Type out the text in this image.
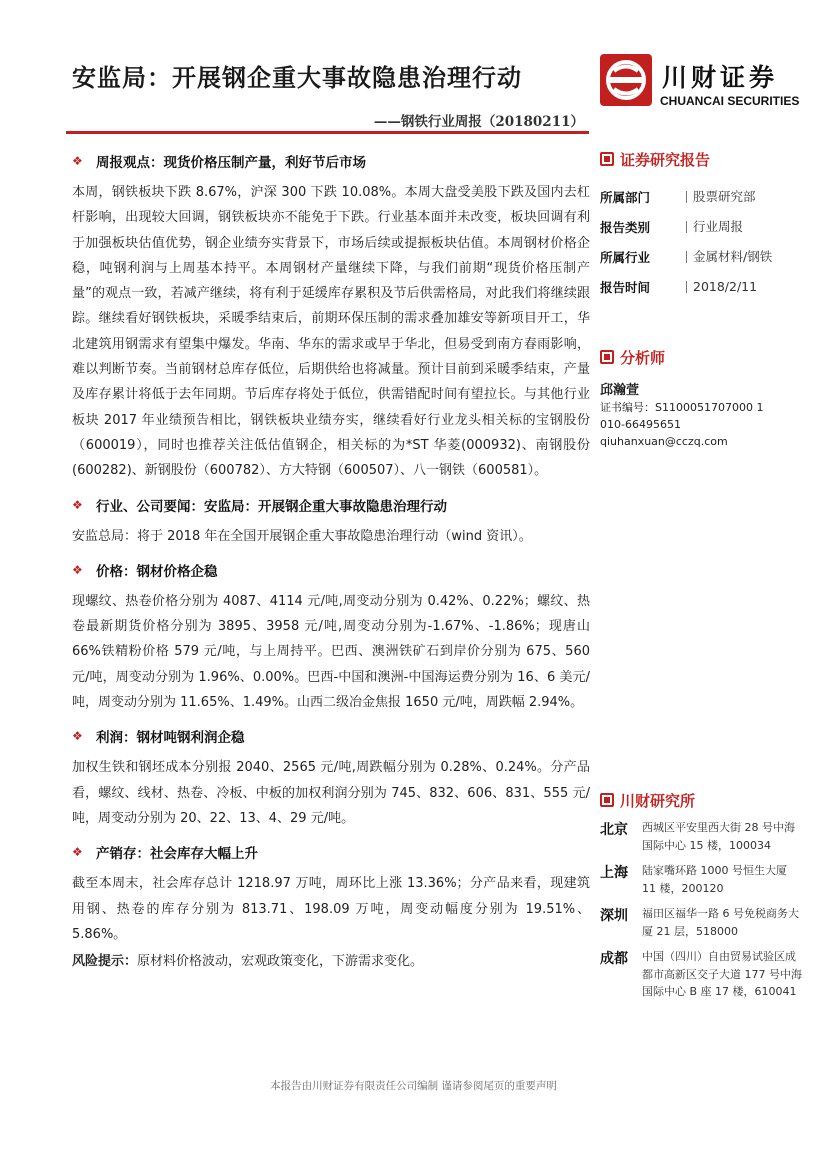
安监局：开展钢企重大事故隐患治理行动
——钢铁行业周报（20180211）
川财证券
CHUANCAI SECURITIES
❖ 周报观点：现货价格压制产量，利好节后市场

本周，钢铁板块下跌 8.67%，沪深 300 下跌 10.08%。本周大盘受美股下跌及国内去杠杆影响，出现较大回调，钢铁板块亦不能免于下跌。行业基本面并未改变，板块回调有利于加强板块估值优势，钢企业绩夯实背景下，市场后续或提振板块估值。本周钢材价格企稳，吨钢利润与上周基本持平。本周钢材产量继续下降，与我们前期“现货价格压制产量”的观点一致，若减产继续，将有利于延缓库存累积及节后供需格局，对此我们将继续跟踪。继续看好钢铁板块，采暖季结束后，前期环保压制的需求叠加雄安等新项目开工，华北建筑用钢需求有望集中爆发。华南、华东的需求或早于华北，但易受到南方春雨影响，难以判断节奏。当前钢材总库存低位，后期供给也将减量。预计目前到采暖季结束，产量及库存累计将低于去年同期。节后库存将处于低位，供需错配时间有望拉长。与其他行业板块 2017 年业绩预告相比，钢铁板块业绩夯实，继续看好行业龙头相关标的宝钢股份（600019），同时也推荐关注低估值钢企，相关标的为*ST 华菱(000932)、南钢股份(600282)、新钢股份（600782）、方大特钢（600507）、八一钢铁（600581）。

❖ 行业、公司要闻：安监局：开展钢企重大事故隐患治理行动

安监总局：将于 2018 年在全国开展钢企重大事故隐患治理行动（wind 资讯）。

❖ 价格：钢材价格企稳

现螺纹、热卷价格分别为 4087、4114 元/吨,周变动分别为 0.42%、0.22%；螺纹、热卷最新期货价格分别为 3895、3958 元/吨,周变动分别为-1.67%、-1.86%；现唐山 66%铁精粉价格 579 元/吨，与上周持平。巴西、澳洲铁矿石到岸价分别为 675、560 元/吨，周变动分别为 1.96%、0.00%。巴西-中国和澳洲-中国海运费分别为 16、6 美元/吨，周变动分别为 11.65%、1.49%。山西二级冶金焦报 1650 元/吨，周跌幅 2.94%。

❖ 利润：钢材吨钢利润企稳

加权生铁和钢坯成本分别报 2040、2565 元/吨,周跌幅分别为 0.28%、0.24%。分产品看，螺纹、线材、热卷、冷板、中板的加权利润分别为 745、832、606、831、555 元/吨，周变动分别为 20、22、13、4、29 元/吨。

❖ 产销存：社会库存大幅上升

截至本周末，社会库存总计 1218.97 万吨，周环比上涨 13.36%；分产品来看，现建筑用钢、热卷的库存分别为 813.71、198.09 万吨，周变动幅度分别为 19.51%、5.86%。

风险提示：原材料价格波动，宏观政策变化，下游需求变化。

证券研究报告
所属部门	股票研究部
报告类别	行业周报
所属行业	金属材料/钢铁
报告时间	2018/2/11
分析师
邱瀚萱
证书编号：S1100051707000 1
010-66495651
qiuhanxuan@cczq.com
川财研究所
北京	西城区平安里西大街 28 号中海国际中心 15 楼，100034
上海	陆家嘴环路 1000 号恒生大厦 11 楼，200120
深圳	福田区福华一路 6 号免税商务大厦 21 层，518000
成都	中国（四川）自由贸易试验区成都市高新区交子大道 177 号中海国际中心 B 座 17 楼，610041
本报告由川财证券有限责任公司编制 谨请参阅尾页的重要声明
